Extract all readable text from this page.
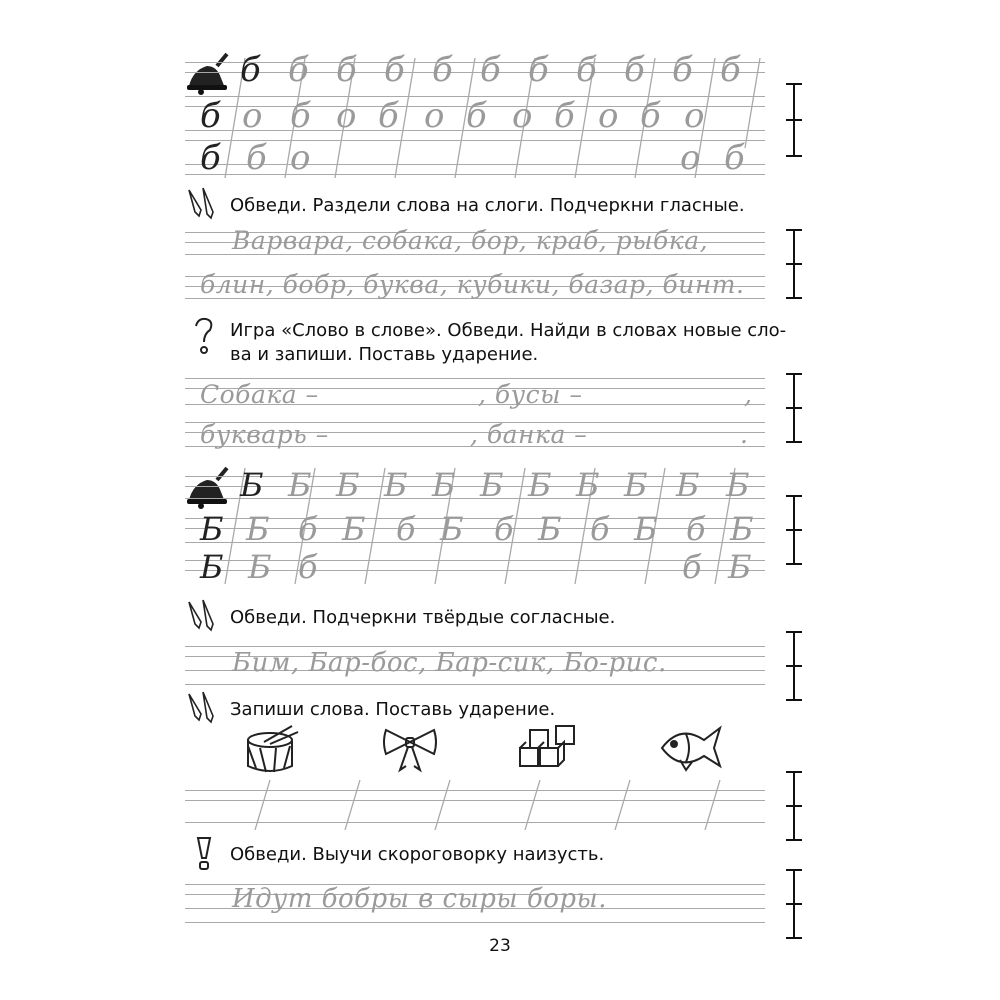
б б б б б б б б б б б
б о б о б о б о б о б о
б б о	о б
Обведи. Раздели слова на слоги. Подчеркни гласные.
Варвара, собака, бор, краб, рыбка,
блин, бобр, буква, кубики, базар, бинт.
Игра «Слово в слове». Обведи. Найди в словах новые сло-
ва и запиши. Поставь ударение.
Собака –	, бусы –	,
букварь –	, банка –	.
Б Б Б Б Б Б Б Б Б Б Б
Б Б б Б б Б б Б б Б б Б
Б Б б	б Б
Обведи. Подчеркни твёрдые согласные.
Бим, Бар-бос, Бар-сик, Бо-рис.
Запиши слова. Поставь ударение.
Обведи. Выучи скороговорку наизусть.
Идут бобры в сыры боры.
23
